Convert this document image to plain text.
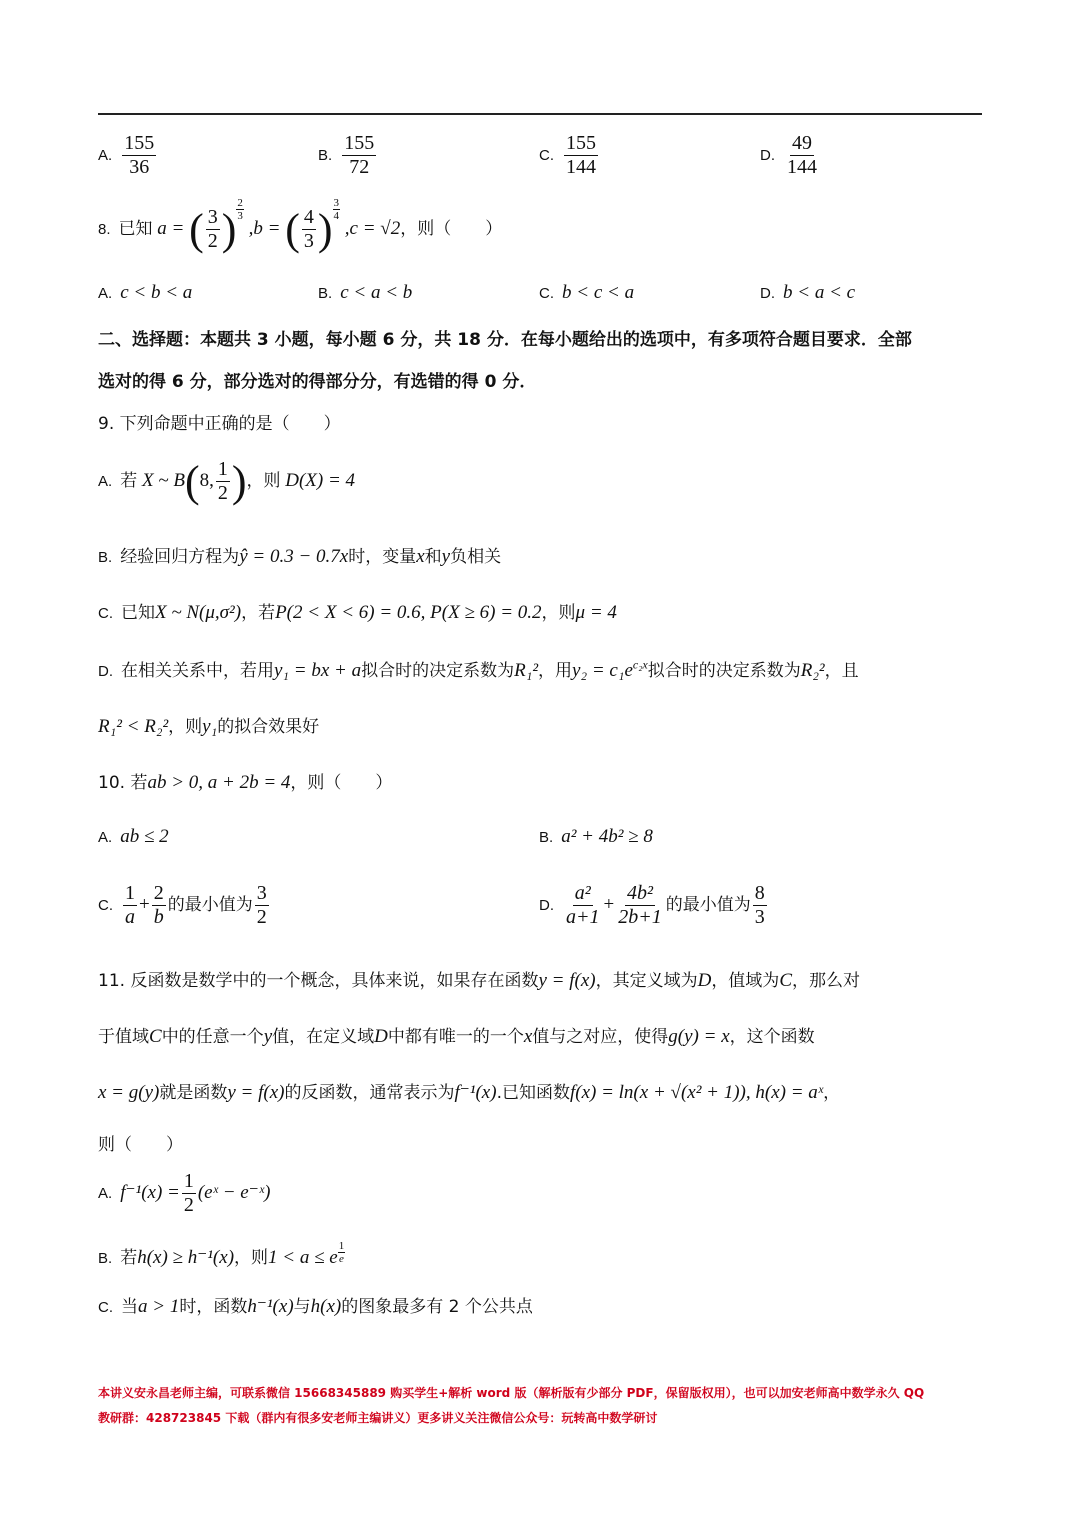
A. $\frac{155}{36}$	B. $\frac{155}{72}$	C. $\frac{155}{144}$	D. $\frac{49}{144}$
8. 已知 a = ( $\frac{3}{2}$ ) $\frac{2}{3}$
,b = ( $\frac{4}{3}$ ) $\frac{3}{4}$
,c = √2，则（　　）
A. c < b < a	B. c < a < b	C. b < c < a	D. b < a < c
二、选择题：本题共 3 小题，每小题 6 分，共 18 分．在每小题给出的选项中，有多项符合题目要求．全部
选对的得 6 分，部分选对的得部分分，有选错的得 0 分．
9. 下列命题中正确的是（　　）
A. 若 X ~ B(8, $\frac{1}{2}$ )，则 D(X) = 4
B. 经验回归方程为ŷ = 0.3 − 0.7x时，变量x和y负相关
C. 已知X ~ N(μ,σ²)，若P(2 < X < 6) = 0.6, P(X ≥ 6) = 0.2，则μ = 4
D. 在相关关系中，若用y₁ = bx + a拟合时的决定系数为R₁²，用$y_2 = c_1e^{c_2x}$拟合时的决定系数为R₂²，且
R₁² < R₂²，则y₁的拟合效果好
10. 若ab > 0, a + 2b = 4，则（　　）
A. ab ≤ 2	B. a² + 4b² ≥ 8
C. $\frac{1}{a} + \frac{2}{b}$ 的最小值为 $\frac{3}{2}$	D. $\frac{\text{a²}}{a+1} + \frac{\text{4b²}}{2b+1}$ 的最小值为 $\frac{8}{3}$
11. 反函数是数学中的一个概念，具体来说，如果存在函数y = f(x)，其定义域为D，值域为C，那么对
于值域C中的任意一个y值，在定义域D中都有唯一的一个x值与之对应，使得g(y) = x，这个函数
x = g(y)就是函数y = f(x)的反函数，通常表示为f⁻¹(x).已知函数f(x) = ln(x + √(x² + 1)), h(x) = aˣ，
则（　　）
A. $f^{-1}(x) = \frac{1}{2}$ (eˣ − e⁻ˣ)
B. 若h(x) ≥ h⁻¹(x)，则1 < a ≤ e $\frac{1}{e}$
C. 当a > 1时，函数h⁻¹(x)与h(x)的图象最多有 2 个公共点
本讲义安永昌老师主编，可联系微信 15668345889 购买学生+解析 word 版（解析版有少部分 PDF，保留版权用），也可以加安老师高中数学永久 QQ
教研群：428723845 下载（群内有很多安老师主编讲义）更多讲义关注微信公众号：玩转高中数学研讨
